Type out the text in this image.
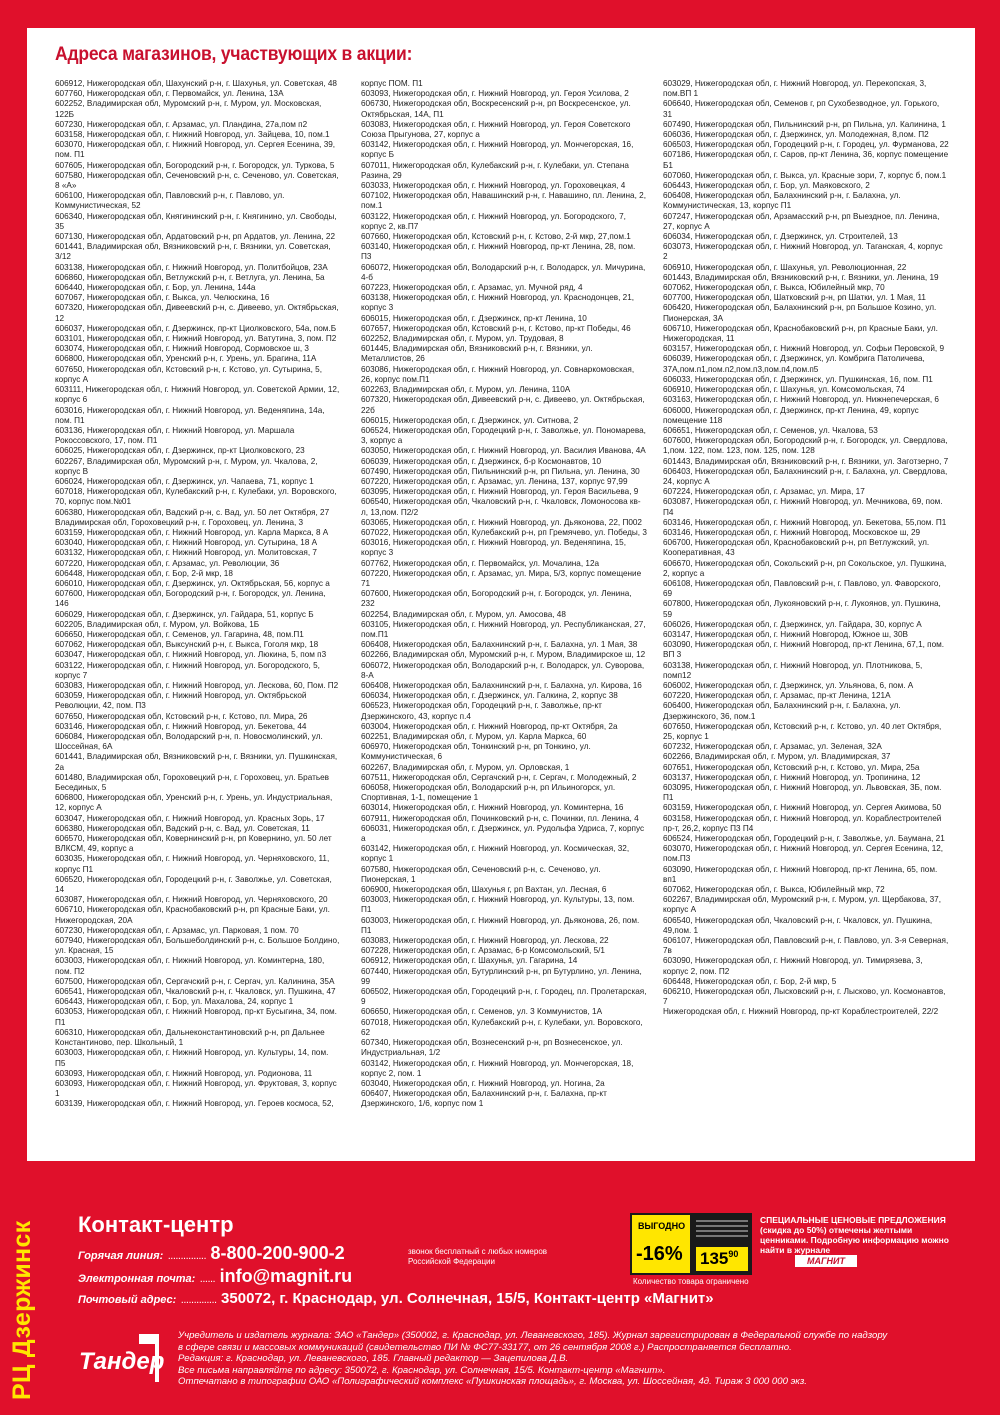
Адреса магазинов, участвующих в акции:

606912, Нижегородская обл, Шахунский р-н, г. Шахунья, ул. Советская, 48

607760, Нижегородская обл, г. Первомайск, ул. Ленина, 13А

602252, Владимирская обл, Муромский р-н, г. Муром, ул. Московская, 122Б

607230, Нижегородская обл, г. Арзамас, ул. Пландина, 27а,пом п2

603158, Нижегородская обл, г. Нижний Новгород, ул. Зайцева, 10, пом.1

603070, Нижегородская обл, г. Нижний Новгород, ул. Сергея Есенина, 39, пом. П1

607605, Нижегородская обл, Богородский р-н, г. Богородск, ул. Туркова, 5

607580, Нижегородская обл, Сеченовский р-н, с. Сеченово, ул. Советская, 8 «А»

606100, Нижегородская обл, Павловский р-н, г. Павлово, ул. Коммунистическая, 52

606340, Нижегородская обл, Княгининский р-н, г. Княгинино, ул. Свободы, 35

607130, Нижегородская обл, Ардатовский р-н, рп Ардатов, ул. Ленина, 22

601441, Владимирская обл, Вязниковский р-н, г. Вязники, ул. Советская, 3/12

603138, Нижегородская обл, г. Нижний Новгород, ул. Политбойцов, 23А

606860, Нижегородская обл, Ветлужский р-н, г. Ветлуга, ул. Ленина, 5а

606440, Нижегородская обл, г. Бор, ул. Ленина, 144а

607067, Нижегородская обл, г. Выкса, ул. Челюскина, 16

607320, Нижегородская обл, Дивеевский р-н, с. Дивеево, ул. Октябрьская, 12

606037, Нижегородская обл, г. Дзержинск, пр-кт Циолковского, 54а, пом.Б

603101, Нижегородская обл, г. Нижний Новгород, ул. Ватутина, 3, пом. П2

603074, Нижегородская обл, г. Нижний Новгород, Сормовское ш, 3

606800, Нижегородская обл, Уренский р-н, г. Урень, ул. Брагина, 11А

607650, Нижегородская обл, Кстовский р-н, г. Кстово, ул. Сутырина, 5, корпус А

603111, Нижегородская обл, г. Нижний Новгород, ул. Советской Армии, 12, корпус 6

603016, Нижегородская обл, г. Нижний Новгород, ул. Веденяпина, 14а, пом. П1

603136, Нижегородская обл, г. Нижний Новгород, ул. Маршала Рокоссовского, 17, пом. П1

606025, Нижегородская обл, г. Дзержинск, пр-кт Циолковского, 23

602267, Владимирская обл, Муромский р-н, г. Муром, ул. Чкалова, 2, корпус В

606024, Нижегородская обл, г. Дзержинск, ул. Чапаева, 71, корпус 1

607018, Нижегородская обл, Кулебакский р-н, г. Кулебаки, ул. Воровского, 70, корпус пом.№01

606380, Нижегородская обл, Вадский р-н, с. Вад, ул. 50 лет Октября, 27

Владимирская обл, Гороховецкий р-н, г. Гороховец, ул. Ленина, 3

603159, Нижегородская обл, г. Нижний Новгород, ул. Карла Маркса, 8 А

603040, Нижегородская обл, г. Нижний Новгород, ул. Сутырина, 18 А

603132, Нижегородская обл, г. Нижний Новгород, ул. Молитовская, 7

607220, Нижегородская обл, г. Арзамас, ул. Революции, 36

606448, Нижегородская обл, г. Бор, 2-й мкр, 18

606010, Нижегородская обл, г. Дзержинск, ул. Октябрьская, 56, корпус а

607600, Нижегородская обл, Богородский р-н, г. Богородск, ул. Ленина, 146

606029, Нижегородская обл, г. Дзержинск, ул. Гайдара, 51, корпус Б

602205, Владимирская обл, г. Муром, ул. Войкова, 1Б

606650, Нижегородская обл, г. Семенов, ул. Гагарина, 48, пом.П1

607062, Нижегородская обл, Выксунский р-н, г. Выкса, Гоголя мкр, 18

603047, Нижегородская обл, г. Нижний Новгород, ул. Люкина, 5, пом п3

603122, Нижегородская обл, г. Нижний Новгород, ул. Богородского, 5, корпус 7

603083, Нижегородская обл, г. Нижний Новгород, ул. Лескова, 60, Пом. П2

603059, Нижегородская обл, г. Нижний Новгород, ул. Октябрьской Революции, 42, пом. П3

607650, Нижегородская обл, Кстовский р-н, г. Кстово, пл. Мира, 26

603146, Нижегородская обл, г. Нижний Новгород, ул. Бекетова, 44

606084, Нижегородская обл, Володарский р-н, п. Новосмолинский, ул. Шоссейная, 6А

601441, Владимирская обл, Вязниковский р-н, г. Вязники, ул. Пушкинская, 2а

601480, Владимирская обл, Гороховецкий р-н, г. Гороховец, ул. Братьев Бесединых, 5

606800, Нижегородская обл, Уренский р-н, г. Урень, ул. Индустриальная, 12, корпус А

603047, Нижегородская обл, г. Нижний Новгород, ул. Красных Зорь, 17

606380, Нижегородская обл, Вадский р-н, с. Вад, ул. Советская, 11

606570, Нижегородская обл, Ковернинский р-н, рп Ковернино, ул. 50 лет ВЛКСМ, 49, корпус а

603035, Нижегородская обл, г. Нижний Новгород, ул. Черняховского, 11, корпус П1

606520, Нижегородская обл, Городецкий р-н, г. Заволжье, ул. Советская, 14

603087, Нижегородская обл, г. Нижний Новгород, ул. Черняховского, 20

606710, Нижегородская обл, Краснобаковский р-н, рп Красные Баки, ул. Нижегородская, 20А

607230, Нижегородская обл, г. Арзамас, ул. Парковая, 1 пом. 70

607940, Нижегородская обл, Большеболдинский р-н, с. Большое Болдино, ул. Красная, 15

603003, Нижегородская обл, г. Нижний Новгород, ул. Коминтерна, 180, пом. П2

607500, Нижегородская обл, Сергачский р-н, г. Сергач, ул. Калинина, 35А

606541, Нижегородская обл, Чкаловский р-н, г. Чкаловск, ул. Пушкина, 47

606443, Нижегородская обл, г. Бор, ул. Махалова, 24, корпус 1

603053, Нижегородская обл, г. Нижний Новгород, пр-кт Бусыгина, 34, пом. П1

606310, Нижегородская обл, Дальнеконстантиновский р-н, рп Дальнее Константиново, пер. Школьный, 1

603003, Нижегородская обл, г. Нижний Новгород, ул. Культуры, 14, пом. П5

603093, Нижегородская обл, г. Нижний Новгород, ул. Родионова, 11

603093, Нижегородская обл, г. Нижний Новгород, ул. Фруктовая, 3, корпус 1

603139, Нижегородская обл, г. Нижний Новгород, ул. Героев космоса, 52,

корпус ПОМ. П1

603093, Нижегородская обл, г. Нижний Новгород, ул. Героя Усилова, 2

606730, Нижегородская обл, Воскресенский р-н, рп Воскресенское, ул. Октябрьская, 14А, П1

603083, Нижегородская обл, г. Нижний Новгород, ул. Героя Советского Союза Прыгунова, 27, корпус а

603142, Нижегородская обл, г. Нижний Новгород, ул. Мончегорская, 16, корпус Б

607011, Нижегородская обл, Кулебакский р-н, г. Кулебаки, ул. Степана Разина, 29

603033, Нижегородская обл, г. Нижний Новгород, ул. Гороховецкая, 4

607102, Нижегородская обл, Навашинский р-н, г. Навашино, пл. Ленина, 2, пом.1

603122, Нижегородская обл, г. Нижний Новгород, ул. Богородского, 7, корпус 2, кв.П7

607660, Нижегородская обл, Кстовский р-н, г. Кстово, 2-й мкр, 27,пом.1

603140, Нижегородская обл, г. Нижний Новгород, пр-кт Ленина, 28, пом. П3

606072, Нижегородская обл, Володарский р-н, г. Володарск, ул. Мичурина, 4-б

607223, Нижегородская обл, г. Арзамас, ул. Мучной ряд, 4

603138, Нижегородская обл, г. Нижний Новгород, ул. Краснодонцев, 21, корпус 3

606015, Нижегородская обл, г. Дзержинск, пр-кт Ленина, 10

607657, Нижегородская обл, Кстовский р-н, г. Кстово, пр-кт Победы, 46

602252, Владимирская обл, г. Муром, ул. Трудовая, 8

601445, Владимирская обл, Вязниковский р-н, г. Вязники, ул. Металлистов, 26

603086, Нижегородская обл, г. Нижний Новгород, ул. Совнаркомовская, 26, корпус пом.П1

602263, Владимирская обл, г. Муром, ул. Ленина, 110А

607320, Нижегородская обл, Дивеевский р-н, с. Дивеево, ул. Октябрьская, 22б

606015, Нижегородская обл, г. Дзержинск, ул. Ситнова, 2

606524, Нижегородская обл, Городецкий р-н, г. Заволжье, ул. Пономарева, 3, корпус а

603050, Нижегородская обл, г. Нижний Новгород, ул. Василия Иванова, 4А

606039, Нижегородская обл, г. Дзержинск, б-р Космонавтов, 10

607490, Нижегородская обл, Пильнинский р-н, рп Пильна, ул. Ленина, 30

607220, Нижегородская обл, г. Арзамас, ул. Ленина, 137, корпус 97,99

603095, Нижегородская обл, г. Нижний Новгород, ул. Героя Васильева, 9

606540, Нижегородская обл, Чкаловский р-н, г. Чкаловск, Ломоносова кв-л, 13,пом. П2/2

603065, Нижегородская обл, г. Нижний Новгород, ул. Дьяконова, 22, П002

607022, Нижегородская обл, Кулебакский р-н, рп Гремячево, ул. Победы, 3

603016, Нижегородская обл, г. Нижний Новгород, ул. Веденяпина, 15, корпус 3

607762, Нижегородская обл, г. Первомайск, ул. Мочалина, 12а

607220, Нижегородская обл, г. Арзамас, ул. Мира, 5/3, корпус помещение 71

607600, Нижегородская обл, Богородский р-н, г. Богородск, ул. Ленина, 232

602254, Владимирская обл, г. Муром, ул. Амосова, 48

603105, Нижегородская обл, г. Нижний Новгород, ул. Республиканская, 27, пом.П1

606408, Нижегородская обл, Балахнинский р-н, г. Балахна, ул. 1 Мая, 38

602266, Владимирская обл, Муромский р-н, г. Муром, Владимирское ш, 12

606072, Нижегородская обл, Володарский р-н, г. Володарск, ул. Суворова, 8-А

606408, Нижегородская обл, Балахнинский р-н, г. Балахна, ул. Кирова, 16

606034, Нижегородская обл, г. Дзержинск, ул. Галкина, 2, корпус 38

606523, Нижегородская обл, Городецкий р-н, г. Заволжье, пр-кт Дзержинского, 43, корпус п.4

603004, Нижегородская обл, г. Нижний Новгород, пр-кт Октября, 2а

602251, Владимирская обл, г. Муром, ул. Карла Маркса, 60

606970, Нижегородская обл, Тонкинский р-н, рп Тонкино, ул. Коммунистическая, 6

602267, Владимирская обл, г. Муром, ул. Орловская, 1

607511, Нижегородская обл, Сергачский р-н, г. Сергач, г. Молодежный, 2

606058, Нижегородская обл, Володарский р-н, рп Ильиногорск, ул. Спортивная, 1-1, помещение 1

603014, Нижегородская обл, г. Нижний Новгород, ул. Коминтерна, 16

607911, Нижегородская обл, Починковский р-н, с. Починки, пл. Ленина, 4

606031, Нижегородская обл, г. Дзержинск, ул. Рудольфа Удриса, 7, корпус а

603142, Нижегородская обл, г. Нижний Новгород, ул. Космическая, 32, корпус 1

607580, Нижегородская обл, Сеченовский р-н, с. Сеченово, ул. Пионерская, 1

606900, Нижегородская обл, Шахунья г, рп Вахтан, ул. Лесная, 6

603003, Нижегородская обл, г. Нижний Новгород, ул. Культуры, 13, пом. П1

603003, Нижегородская обл, г. Нижний Новгород, ул. Дьяконова, 26, пом. П1

603083, Нижегородская обл, г. Нижний Новгород, ул. Лескова, 22

607228, Нижегородская обл, г. Арзамас, 6-р Комсомольский, 5/1

606912, Нижегородская обл, г. Шахунья, ул. Гагарина, 14

607440, Нижегородская обл, Бутурлинский р-н, рп Бутурлино, ул. Ленина, 99

606502, Нижегородская обл, Городецкий р-н, г. Городец, пл. Пролетарская, 9

606650, Нижегородская обл, г. Семенов, ул. 3 Коммунистов, 1А

607018, Нижегородская обл, Кулебакский р-н, г. Кулебаки, ул. Воровского, 62

607340, Нижегородская обл, Вознесенский р-н, рп Вознесенское, ул. Индустриальная, 1/2

603142, Нижегородская обл, г. Нижний Новгород, ул. Мончегорская, 18, корпус 2, пом. 1

603040, Нижегородская обл, г. Нижний Новгород, ул. Ногина, 2а

606407, Нижегородская обл, Балахнинский р-н, г. Балахна, пр-кт Дзержинского, 1/6, корпус пом 1

603029, Нижегородская обл, г. Нижний Новгород, ул. Перекопская, 3, пом.ВП 1

606640, Нижегородская обл, Семенов г, рп Сухобезводное, ул. Горького, 31

607490, Нижегородская обл, Пильнинский р-н, рп Пильна, ул. Калинина, 1

606036, Нижегородская обл, г. Дзержинск, ул. Молодежная, 8,пом. П2

606503, Нижегородская обл, Городецкий р-н, г. Городец, ул. Фурманова, 22

607186, Нижегородская обл, г. Саров, пр-кт Ленина, 36, корпус помещение Б1

607060, Нижегородская обл, г. Выкса, ул. Красные зори, 7, корпус б, пом.1

606443, Нижегородская обл, г. Бор, ул. Маяковского, 2

606408, Нижегородская обл, Балахнинский р-н, г. Балахна, ул. Коммунистическая, 13, корпус П1

607247, Нижегородская обл, Арзамасский р-н, рп Выездное, пл. Ленина, 27, корпус А

606034, Нижегородская обл, г. Дзержинск, ул. Строителей, 13

603073, Нижегородская обл, г. Нижний Новгород, ул. Таганская, 4, корпус 2

606910, Нижегородская обл, г. Шахунья, ул. Революционная, 22

601443, Владимирская обл, Вязниковский р-н, г. Вязники, ул. Ленина, 19

607062, Нижегородская обл, г. Выкса, Юбилейный мкр, 70

607700, Нижегородская обл, Шатковский р-н, рп Шатки, ул. 1 Мая, 11

606420, Нижегородская обл, Балахнинский р-н, рп Большое Козино, ул. Пионерская, 3А

606710, Нижегородская обл, Краснобаковский р-н, рп Красные Баки, ул. Нижегородская, 11

603157, Нижегородская обл, г. Нижний Новгород, ул. Софьи Перовской, 9

606039, Нижегородская обл, г. Дзержинск, ул. Комбрига Патоличева, 37А,пом.п1,пом.п2,пом.п3,пом.п4,пом.п5

606033, Нижегородская обл, г. Дзержинск, ул. Пушкинская, 16, пом. П1

606910, Нижегородская обл, г. Шахунья, ул. Комсомольская, 74

603163, Нижегородская обл, г. Нижний Новгород, ул. Нижнепечерская, 6

606000, Нижегородская обл, г. Дзержинск, пр-кт Ленина, 49, корпус помещение 118

606651, Нижегородская обл, г. Семенов, ул. Чкалова, 53

607600, Нижегородская обл, Богородский р-н, г. Богородск, ул. Свердлова, 1,пом. 122, пом. 123, пом. 125, пом. 128

601443, Владимирская обл, Вязниковский р-н, г. Вязники, ул. Заготзерно, 7

606403, Нижегородская обл, Балахнинский р-н, г. Балахна, ул. Свердлова, 24, корпус А

607224, Нижегородская обл, г. Арзамас, ул. Мира, 17

603087, Нижегородская обл, г. Нижний Новгород, ул. Мечникова, 69, пом. П4

603146, Нижегородская обл, г. Нижний Новгород, ул. Бекетова, 55,пом. П1

603146, Нижегородская обл, г. Нижний Новгород, Московское ш, 29

606700, Нижегородская обл, Краснобаковский р-н, рп Ветлужский, ул. Кооперативная, 43

606670, Нижегородская обл, Сокольский р-н, рп Сокольское, ул. Пушкина, 2, корпус а

606108, Нижегородская обл, Павловский р-н, г. Павлово, ул. Фаворского, 69

607800, Нижегородская обл, Лукояновский р-н, г. Лукоянов, ул. Пушкина, 59

606026, Нижегородская обл, г. Дзержинск, ул. Гайдара, 30, корпус А

603147, Нижегородская обл, г. Нижний Новгород, Южное ш, 30В

603090, Нижегородская обл, г. Нижний Новгород, пр-кт Ленина, 67,1, пом. ВП 3

603138, Нижегородская обл, г. Нижний Новгород, ул. Плотникова, 5, помп12

606002, Нижегородская обл, г. Дзержинск, ул. Ульянова, 6, пом. А

607220, Нижегородская обл, г. Арзамас, пр-кт Ленина, 121А

606400, Нижегородская обл, Балахнинский р-н, г. Балахна, ул. Дзержинского, 36, пом.1

607650, Нижегородская обл, Кстовский р-н, г. Кстово, ул. 40 лет Октября, 25, корпус 1

607232, Нижегородская обл, г. Арзамас, ул. Зеленая, 32А

602266, Владимирская обл, г. Муром, ул. Владимирская, 37

607651, Нижегородская обл, Кстовский р-н, г. Кстово, ул. Мира, 25а

603137, Нижегородская обл, г. Нижний Новгород, ул. Тропинина, 12

603095, Нижегородская обл, г. Нижний Новгород, ул. Львовская, 3Б, пом. П1

603159, Нижегородская обл, г. Нижний Новгород, ул. Сергея Акимова, 50

603158, Нижегородская обл, г. Нижний Новгород, ул. Кораблестроителей пр-т, 26,2, корпус П3 П4

606524, Нижегородская обл, Городецкий р-н, г. Заволжье, ул. Баумана, 21

603070, Нижегородская обл, г. Нижний Новгород, ул. Сергея Есенина, 12, пом.П3

603090, Нижегородская обл, г. Нижний Новгород, пр-кт Ленина, 65, пом. вп1

607062, Нижегородская обл, г. Выкса, Юбилейный мкр, 72

602267, Владимирская обл, Муромский р-н, г. Муром, ул. Щербакова, 37, корпус А

606540, Нижегородская обл, Чкаловский р-н, г. Чкаловск, ул. Пушкина, 49,пом. 1

606107, Нижегородская обл, Павловский р-н, г. Павлово, ул. 3-я Северная, 7в

603090, Нижегородская обл, г. Нижний Новгород, ул. Тимирязева, 3, корпус 2, пом. П2

606448, Нижегородская обл, г. Бор, 2-й мкр, 5

606210, Нижегородская обл, Лысковский р-н, г. Лысково, ул. Космонавтов, 7

Нижегородская обл, г. Нижний Новгород, пр-кт Кораблестроителей, 22/2

РЦ Дзержинск Контакт-центр
Горячая линия: ............... 8-800-200-900-2	звонок бесплатный с любых номеров Российской Федерации
Электронная почта: ...... info@magnit.ru
Почтовый адрес: .............. 350072, г. Краснодар, ул. Солнечная, 15/5, Контакт-центр «Магнит»
ВЫГОДНО
-16% $135^{90}$
Количество товара ограничено
СПЕЦИАЛЬНЫЕ ЦЕНОВЫЕ ПРЕДЛОЖЕНИЯ (скидка до 50%) отмечены желтыми ценниками. Подробную информацию можно найти в журнале
МАГНИТ
Тандер

Учредитель и издатель журнала: ЗАО «Тандер» (350002, г. Краснодар, ул. Леваневского, 185). Журнал зарегистрирован в Федеральной службе по надзору

в сфере связи и массовых коммуникаций (свидетельство ПИ № ФС77-33177, от 26 сентября 2008 г.) Распространяется бесплатно.

Редакция: г. Краснодар, ул. Леваневского, 185. Главный редактор — Зацепилова Д.В.

Все письма направляйте по адресу: 350072, г. Краснодар, ул. Солнечная, 15/5. Контакт-центр «Магнит».

Отпечатано в типографии ОАО «Полиграфический комплекс «Пушкинская площадь», г. Москва, ул. Шоссейная, 4д. Тираж 3 000 000 экз.
